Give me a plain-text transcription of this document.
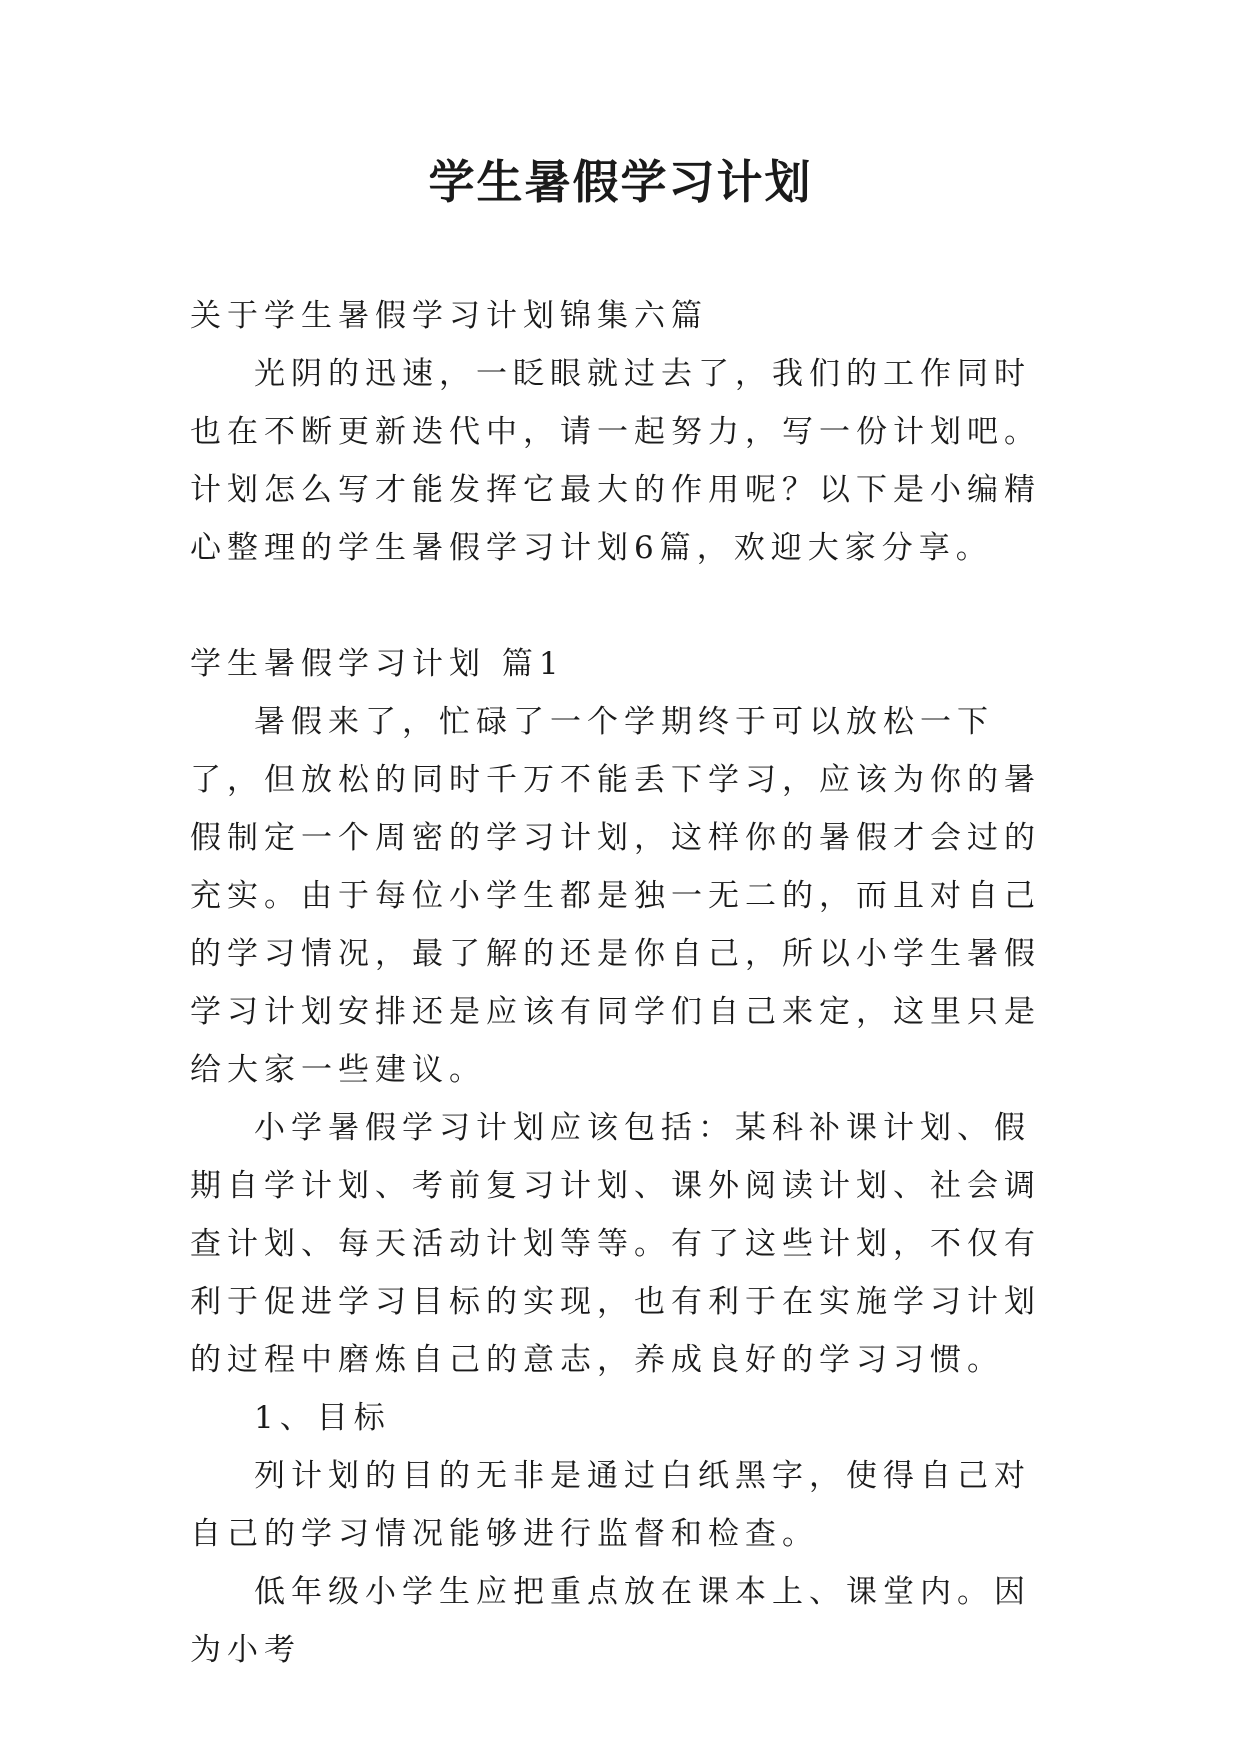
学生暑假学习计划

关于学生暑假学习计划锦集六篇

光阴的迅速，一眨眼就过去了，我们的工作同时也在不断更新迭代中，请一起努力，写一份计划吧。计划怎么写才能发挥它最大的作用呢？以下是小编精心整理的学生暑假学习计划6篇，欢迎大家分享。

学生暑假学习计划 篇1

暑假来了，忙碌了一个学期终于可以放松一下了，但放松的同时千万不能丢下学习，应该为你的暑假制定一个周密的学习计划，这样你的暑假才会过的充实。由于每位小学生都是独一无二的，而且对自己的学习情况，最了解的还是你自己，所以小学生暑假学习计划安排还是应该有同学们自己来定，这里只是给大家一些建议。

小学暑假学习计划应该包括：某科补课计划、假期自学计划、考前复习计划、课外阅读计划、社会调查计划、每天活动计划等等。有了这些计划，不仅有利于促进学习目标的实现，也有利于在实施学习计划的过程中磨炼自己的意志，养成良好的学习习惯。

1、目标

列计划的目的无非是通过白纸黑字，使得自己对自己的学习情况能够进行监督和检查。

低年级小学生应把重点放在课本上、课堂内。因为小考
